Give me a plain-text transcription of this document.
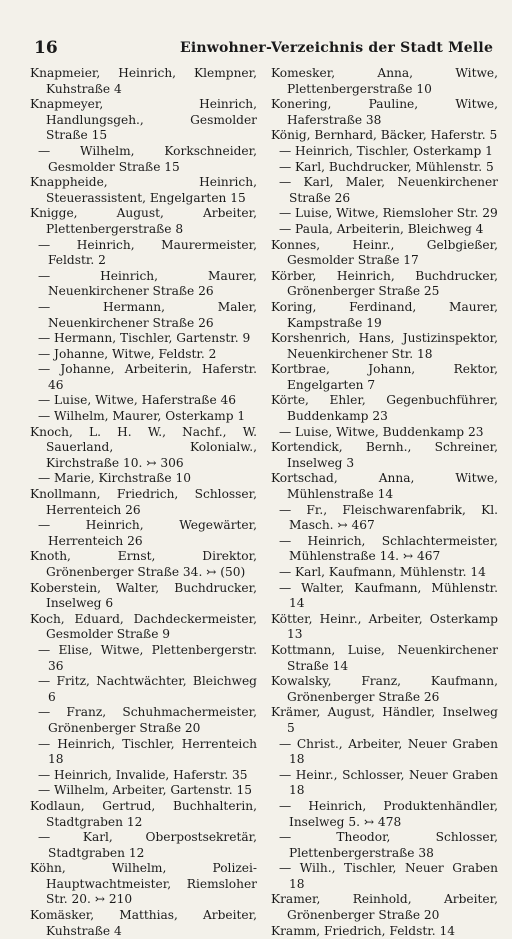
16	Einwohner-Verzeichnis der Stadt Melle

Knapmeier, Heinrich, Klempner, Kuhstraße 4

Knapmeyer, Heinrich, Handlungsgeh., Gesmolder Straße 15

— Wilhelm, Korkschneider, Gesmolder Straße 15

Knappheide, Heinrich, Steuerassistent, Engelgarten 15

Knigge, August, Arbeiter, Plettenbergerstraße 8

— Heinrich, Maurermeister, Feldstr. 2

— Heinrich, Maurer, Neuenkirchener Straße 26

— Hermann, Maler, Neuenkirchener Straße 26

— Hermann, Tischler, Gartenstr. 9

— Johanne, Witwe, Feldstr. 2

— Johanne, Arbeiterin, Haferstr. 46

— Luise, Witwe, Haferstraße 46

— Wilhelm, Maurer, Osterkamp 1

Knoch, L. H. W., Nachf., W. Sauerland, Kolonialw., Kirchstraße 10. ↣ 306

— Marie, Kirchstraße 10

Knollmann, Friedrich, Schlosser, Herrenteich 26

— Heinrich, Wegewärter, Herrenteich 26

Knoth, Ernst, Direktor, Grönenberger Straße 34. ↣ (50)

Koberstein, Walter, Buchdrucker, Inselweg 6

Koch, Eduard, Dachdeckermeister, Gesmolder Straße 9

— Elise, Witwe, Plettenbergerstr. 36

— Fritz, Nachtwächter, Bleichweg 6

— Franz, Schuhmachermeister, Grönenberger Straße 20

— Heinrich, Tischler, Herrenteich 18

— Heinrich, Invalide, Haferstr. 35

— Wilhelm, Arbeiter, Gartenstr. 15

Kodlaun, Gertrud, Buchhalterin, Stadtgraben 12

— Karl, Oberpostsekretär, Stadtgraben 12

Köhn, Wilhelm, Polizei-Hauptwachtmeister, Riemsloher Str. 20. ↣ 210

Komäsker, Matthias, Arbeiter, Kuhstraße 4

Komesker, Anna, Witwe, Plettenbergerstraße 10

Konering, Pauline, Witwe, Haferstraße 38

König, Bernhard, Bäcker, Haferstr. 5

— Heinrich, Tischler, Osterkamp 1

— Karl, Buchdrucker, Mühlenstr. 5

— Karl, Maler, Neuenkirchener Straße 26

— Luise, Witwe, Riemsloher Str. 29

— Paula, Arbeiterin, Bleichweg 4

Konnes, Heinr., Gelbgießer, Gesmolder Straße 17

Körber, Heinrich, Buchdrucker, Grönenberger Straße 25

Koring, Ferdinand, Maurer, Kampstraße 19

Korshenrich, Hans, Justizinspektor, Neuenkirchener Str. 18

Kortbrae, Johann, Rektor, Engelgarten 7

Körte, Ehler, Gegenbuchführer, Buddenkamp 23

— Luise, Witwe, Buddenkamp 23

Kortendick, Bernh., Schreiner, Inselweg 3

Kortschad, Anna, Witwe, Mühlenstraße 14

— Fr., Fleischwarenfabrik, Kl. Masch. ↣ 467

— Heinrich, Schlachtermeister, Mühlenstraße 14. ↣ 467

— Karl, Kaufmann, Mühlenstr. 14

— Walter, Kaufmann, Mühlenstr. 14

Kötter, Heinr., Arbeiter, Osterkamp 13

Kottmann, Luise, Neuenkirchener Straße 14

Kowalsky, Franz, Kaufmann, Grönenberger Straße 26

Krämer, August, Händler, Inselweg 5

— Christ., Arbeiter, Neuer Graben 18

— Heinr., Schlosser, Neuer Graben 18

— Heinrich, Produktenhändler, Inselweg 5. ↣ 478

— Theodor, Schlosser, Plettenbergerstraße 38

— Wilh., Tischler, Neuer Graben 18

Kramer, Reinhold, Arbeiter, Grönenberger Straße 20

Kramm, Friedrich, Feldstr. 14
